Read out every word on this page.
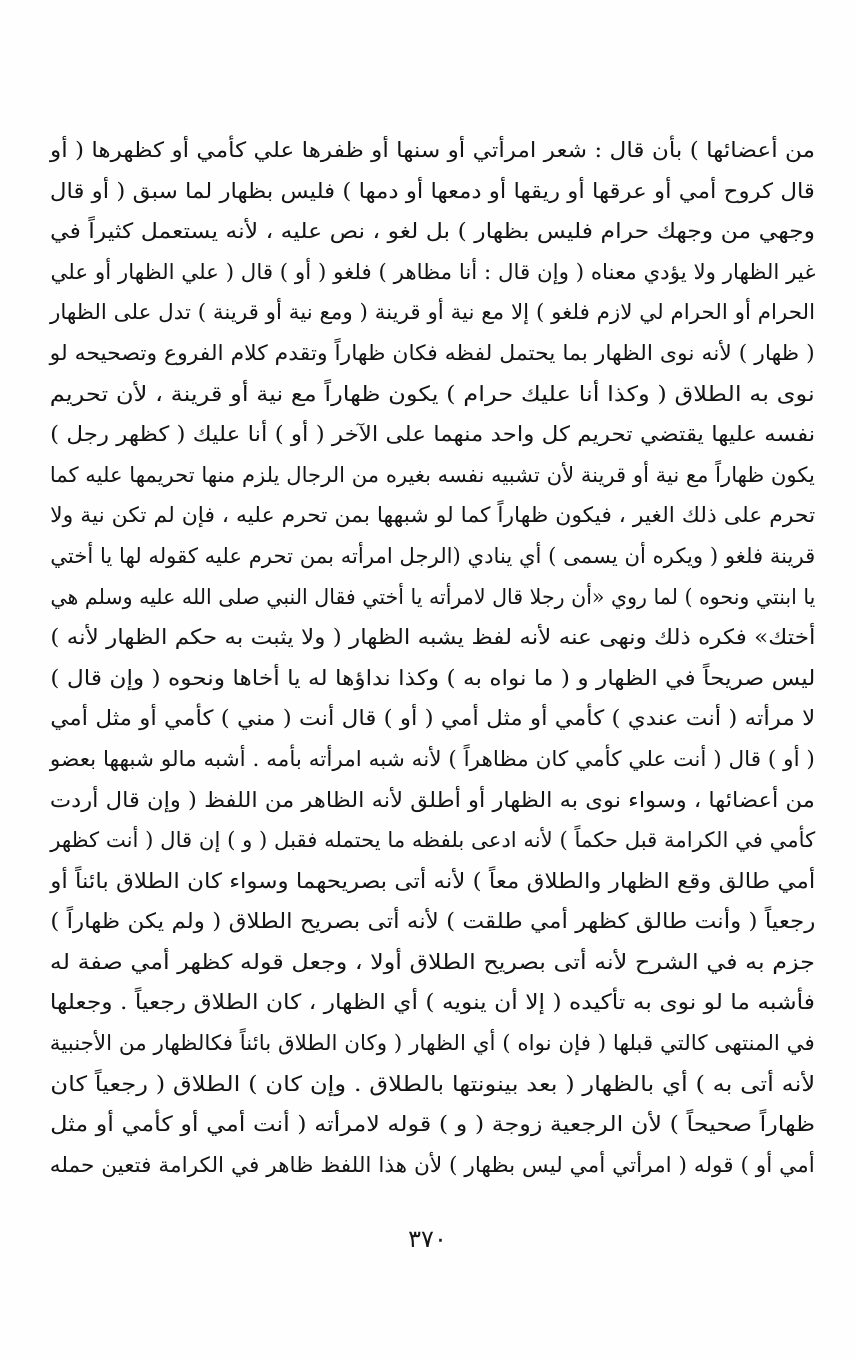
من أعضائها ) بأن قال : شعر امرأتي أو سنها أو ظفرها علي كأمي أو كظهرها ( أو
قال كروح أمي أو عرقها أو ريقها أو دمعها أو دمها ) فليس بظهار لما سبق ( أو قال
وجهي من وجهك حرام فليس بظهار ) بل لغو ، نص عليه ، لأنه يستعمل كثيراً في
غير الظهار ولا يؤدي معناه ( وإن قال : أنا مظاهر ) فلغو ( أو ) قال ( علي الظهار أو علي
الحرام أو الحرام لي لازم فلغو ) إلا مع نية أو قرينة ( ومع نية أو قرينة ) تدل على الظهار
( ظهار ) لأنه نوى الظهار بما يحتمل لفظه فكان ظهاراً وتقدم كلام الفروع وتصحيحه لو
نوى به الطلاق ( وكذا أنا عليك حرام ) يكون ظهاراً مع نية أو قرينة ، لأن تحريم
نفسه عليها يقتضي تحريم كل واحد منهما على الآخر ( أو ) أنا عليك ( كظهر رجل )
يكون ظهاراً مع نية أو قرينة لأن تشبيه نفسه بغيره من الرجال يلزم منها تحريمها عليه كما
تحرم على ذلك الغير ، فيكون ظهاراً كما لو شبهها بمن تحرم عليه ، فإن لم تكن نية ولا
قرينة فلغو ( ويكره أن يسمى ) أي ينادي (الرجل امرأته بمن تحرم عليه كقوله لها يا أختي
يا ابنتي ونحوه ) لما روي «أن رجلا قال لامرأته يا أختي فقال النبي صلى الله عليه وسلم هي
أختك» فكره ذلك ونهى عنه لأنه لفظ يشبه الظهار ( ولا يثبت به حكم الظهار لأنه )
ليس صريحاً في الظهار و ( ما نواه به ) وكذا نداؤها له يا أخاها ونحوه ( وإن قال )
لا مرأته ( أنت عندي ) كأمي أو مثل أمي ( أو ) قال أنت ( مني ) كأمي أو مثل أمي
( أو ) قال ( أنت علي كأمي كان مظاهراً ) لأنه شبه امرأته بأمه . أشبه مالو شبهها بعضو
من أعضائها ، وسواء نوى به الظهار أو أطلق لأنه الظاهر من اللفظ ( وإن قال أردت
كأمي في الكرامة قبل حكماً ) لأنه ادعى بلفظه ما يحتمله فقبل ( و ) إن قال ( أنت كظهر
أمي طالق وقع الظهار والطلاق معاً ) لأنه أتى بصريحهما وسواء كان الطلاق بائناً أو
رجعياً ( وأنت طالق كظهر أمي طلقت ) لأنه أتى بصريح الطلاق ( ولم يكن ظهاراً )
جزم به في الشرح لأنه أتى بصريح الطلاق أولا ، وجعل قوله كظهر أمي صفة له
فأشبه ما لو نوى به تأكيده ( إلا أن ينويه ) أي الظهار ، كان الطلاق رجعياً . وجعلها
في المنتهى كالتي قبلها ( فإن نواه ) أي الظهار ( وكان الطلاق بائناً فكالظهار من الأجنبية
لأنه أتى به ) أي بالظهار ( بعد بينونتها بالطلاق . وإن كان ) الطلاق ( رجعياً كان
ظهاراً صحيحاً ) لأن الرجعية زوجة ( و ) قوله لامرأته ( أنت أمي أو كأمي أو مثل
أمي أو ) قوله ( امرأتي أمي ليس بظهار ) لأن هذا اللفظ ظاهر في الكرامة فتعين حمله
٣٧٠
